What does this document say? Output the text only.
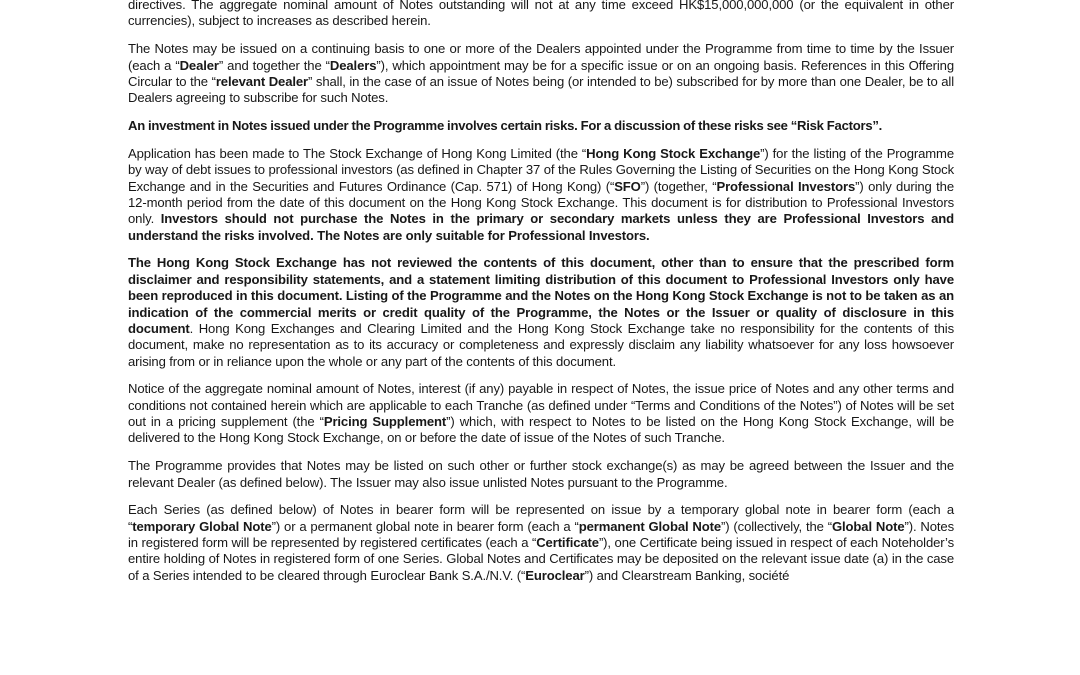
directives. The aggregate nominal amount of Notes outstanding will not at any time exceed HK$15,000,000,000 (or the equivalent in other currencies), subject to increases as described herein.

The Notes may be issued on a continuing basis to one or more of the Dealers appointed under the Programme from time to time by the Issuer (each a “Dealer” and together the “Dealers”), which appointment may be for a specific issue or on an ongoing basis. References in this Offering Circular to the “relevant Dealer” shall, in the case of an issue of Notes being (or intended to be) subscribed for by more than one Dealer, be to all Dealers agreeing to subscribe for such Notes.

An investment in Notes issued under the Programme involves certain risks. For a discussion of these risks see “Risk Factors”.

Application has been made to The Stock Exchange of Hong Kong Limited (the “Hong Kong Stock Exchange”) for the listing of the Programme by way of debt issues to professional investors (as defined in Chapter 37 of the Rules Governing the Listing of Securities on the Hong Kong Stock Exchange and in the Securities and Futures Ordinance (Cap. 571) of Hong Kong) (“SFO”) (together, “Professional Investors”) only during the 12-month period from the date of this document on the Hong Kong Stock Exchange. This document is for distribution to Professional Investors only. Investors should not purchase the Notes in the primary or secondary markets unless they are Professional Investors and understand the risks involved. The Notes are only suitable for Professional Investors.

The Hong Kong Stock Exchange has not reviewed the contents of this document, other than to ensure that the prescribed form disclaimer and responsibility statements, and a statement limiting distribution of this document to Professional Investors only have been reproduced in this document. Listing of the Programme and the Notes on the Hong Kong Stock Exchange is not to be taken as an indication of the commercial merits or credit quality of the Programme, the Notes or the Issuer or quality of disclosure in this document. Hong Kong Exchanges and Clearing Limited and the Hong Kong Stock Exchange take no responsibility for the contents of this document, make no representation as to its accuracy or completeness and expressly disclaim any liability whatsoever for any loss howsoever arising from or in reliance upon the whole or any part of the contents of this document.

Notice of the aggregate nominal amount of Notes, interest (if any) payable in respect of Notes, the issue price of Notes and any other terms and conditions not contained herein which are applicable to each Tranche (as defined under “Terms and Conditions of the Notes”) of Notes will be set out in a pricing supplement (the “Pricing Supplement”) which, with respect to Notes to be listed on the Hong Kong Stock Exchange, will be delivered to the Hong Kong Stock Exchange, on or before the date of issue of the Notes of such Tranche.

The Programme provides that Notes may be listed on such other or further stock exchange(s) as may be agreed between the Issuer and the relevant Dealer (as defined below). The Issuer may also issue unlisted Notes pursuant to the Programme.

Each Series (as defined below) of Notes in bearer form will be represented on issue by a temporary global note in bearer form (each a “temporary Global Note”) or a permanent global note in bearer form (each a “permanent Global Note”) (collectively, the “Global Note”). Notes in registered form will be represented by registered certificates (each a “Certificate”), one Certificate being issued in respect of each Noteholder’s entire holding of Notes in registered form of one Series. Global Notes and Certificates may be deposited on the relevant issue date (a) in the case of a Series intended to be cleared through Euroclear Bank S.A./N.V. (“Euroclear”) and Clearstream Banking, société
